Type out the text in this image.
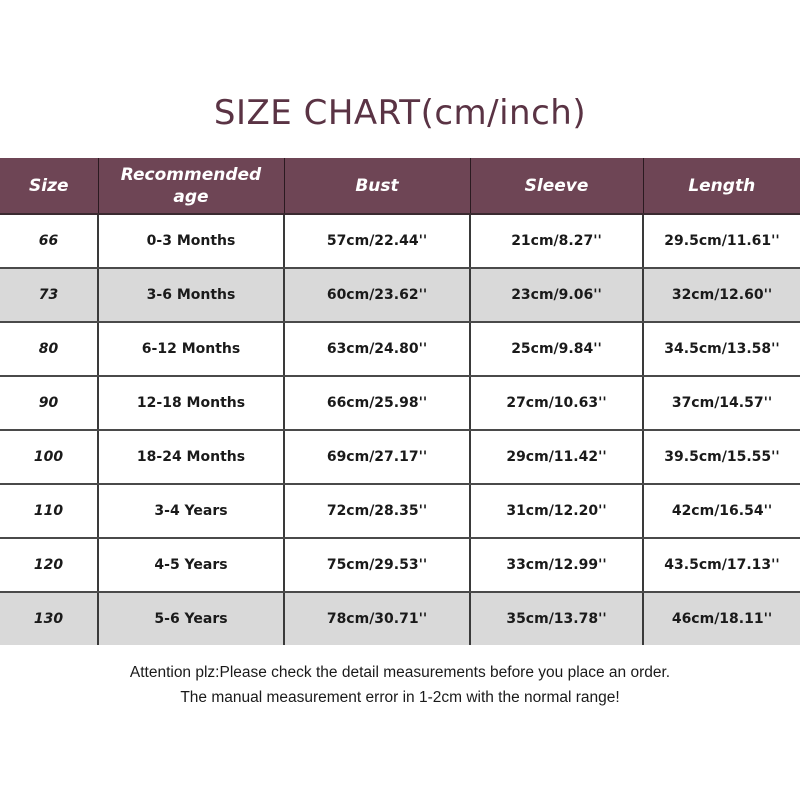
SIZE CHART(cm/inch)
Size	Recommended age	Bust	Sleeve	Length
66	0-3 Months	57cm/22.44''	21cm/8.27''	29.5cm/11.61''
73	3-6 Months	60cm/23.62''	23cm/9.06''	32cm/12.60''
80	6-12 Months	63cm/24.80''	25cm/9.84''	34.5cm/13.58''
90	12-18 Months	66cm/25.98''	27cm/10.63''	37cm/14.57''
100	18-24 Months	69cm/27.17''	29cm/11.42''	39.5cm/15.55''
110	3-4 Years	72cm/28.35''	31cm/12.20''	42cm/16.54''
120	4-5 Years	75cm/29.53''	33cm/12.99''	43.5cm/17.13''
130	5-6 Years	78cm/30.71''	35cm/13.78''	46cm/18.11''
Attention plz:Please check the detail measurements before you place an order.
The manual measurement error in 1-2cm with the normal range!
